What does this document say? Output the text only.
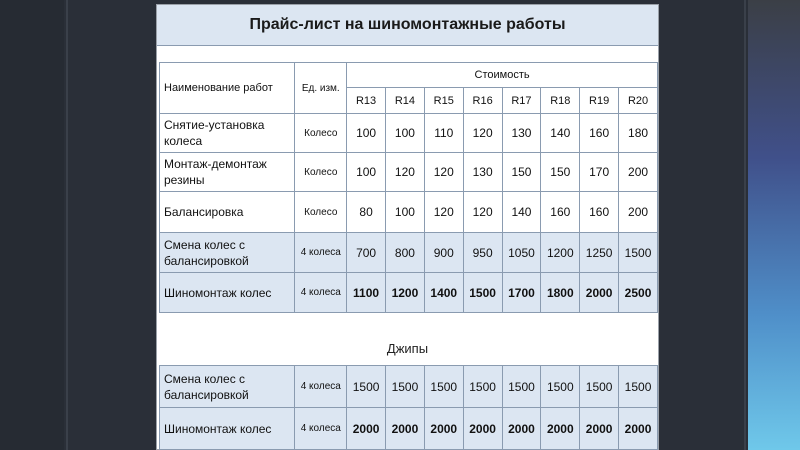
Прайс-лист на шиномонтажные работы
Наименование работ	Ед. изм.	Стоимость							
		R13	R14	R15	R16	R17	R18	R19	R20
Снятие-установка колеса	Колесо	100	100	110	120	130	140	160	180
Монтаж-демонтаж резины	Колесо	100	120	120	130	150	150	170	200
Балансировка	Колесо	80	100	120	120	140	160	160	200
Смена колес с балансировкой	4 колеса	700	800	900	950	1050	1200	1250	1500
Шиномонтаж колес	4 колеса	1100	1200	1400	1500	1700	1800	2000	2500
Джипы
Смена колес с балансировкой	4 колеса	1500	1500	1500	1500	1500	1500	1500	1500
Шиномонтаж колес	4 колеса	2000	2000	2000	2000	2000	2000	2000	2000
